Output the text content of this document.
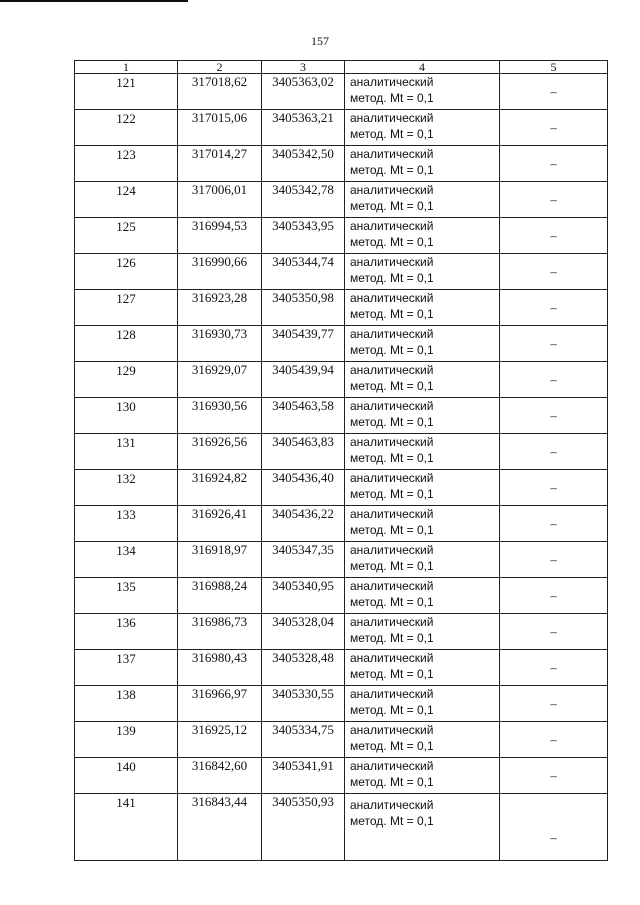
157
1	2	3	4	5
121	317018,62	3405363,02	аналитический
метод. Mt = 0,1	–
122	317015,06	3405363,21	аналитический
метод. Mt = 0,1	–
123	317014,27	3405342,50	аналитический
метод. Mt = 0,1	–
124	317006,01	3405342,78	аналитический
метод. Mt = 0,1	–
125	316994,53	3405343,95	аналитический
метод. Mt = 0,1	–
126	316990,66	3405344,74	аналитический
метод. Mt = 0,1	–
127	316923,28	3405350,98	аналитический
метод. Mt = 0,1	–
128	316930,73	3405439,77	аналитический
метод. Mt = 0,1	–
129	316929,07	3405439,94	аналитический
метод. Mt = 0,1	–
130	316930,56	3405463,58	аналитический
метод. Mt = 0,1	–
131	316926,56	3405463,83	аналитический
метод. Mt = 0,1	–
132	316924,82	3405436,40	аналитический
метод. Mt = 0,1	–
133	316926,41	3405436,22	аналитический
метод. Mt = 0,1	–
134	316918,97	3405347,35	аналитический
метод. Mt = 0,1	–
135	316988,24	3405340,95	аналитический
метод. Mt = 0,1	–
136	316986,73	3405328,04	аналитический
метод. Mt = 0,1	–
137	316980,43	3405328,48	аналитический
метод. Mt = 0,1	–
138	316966,97	3405330,55	аналитический
метод. Mt = 0,1	–
139	316925,12	3405334,75	аналитический
метод. Mt = 0,1	–
140	316842,60	3405341,91	аналитический
метод. Mt = 0,1	–
141	316843,44	3405350,93	аналитический
метод. Mt = 0,1	–
